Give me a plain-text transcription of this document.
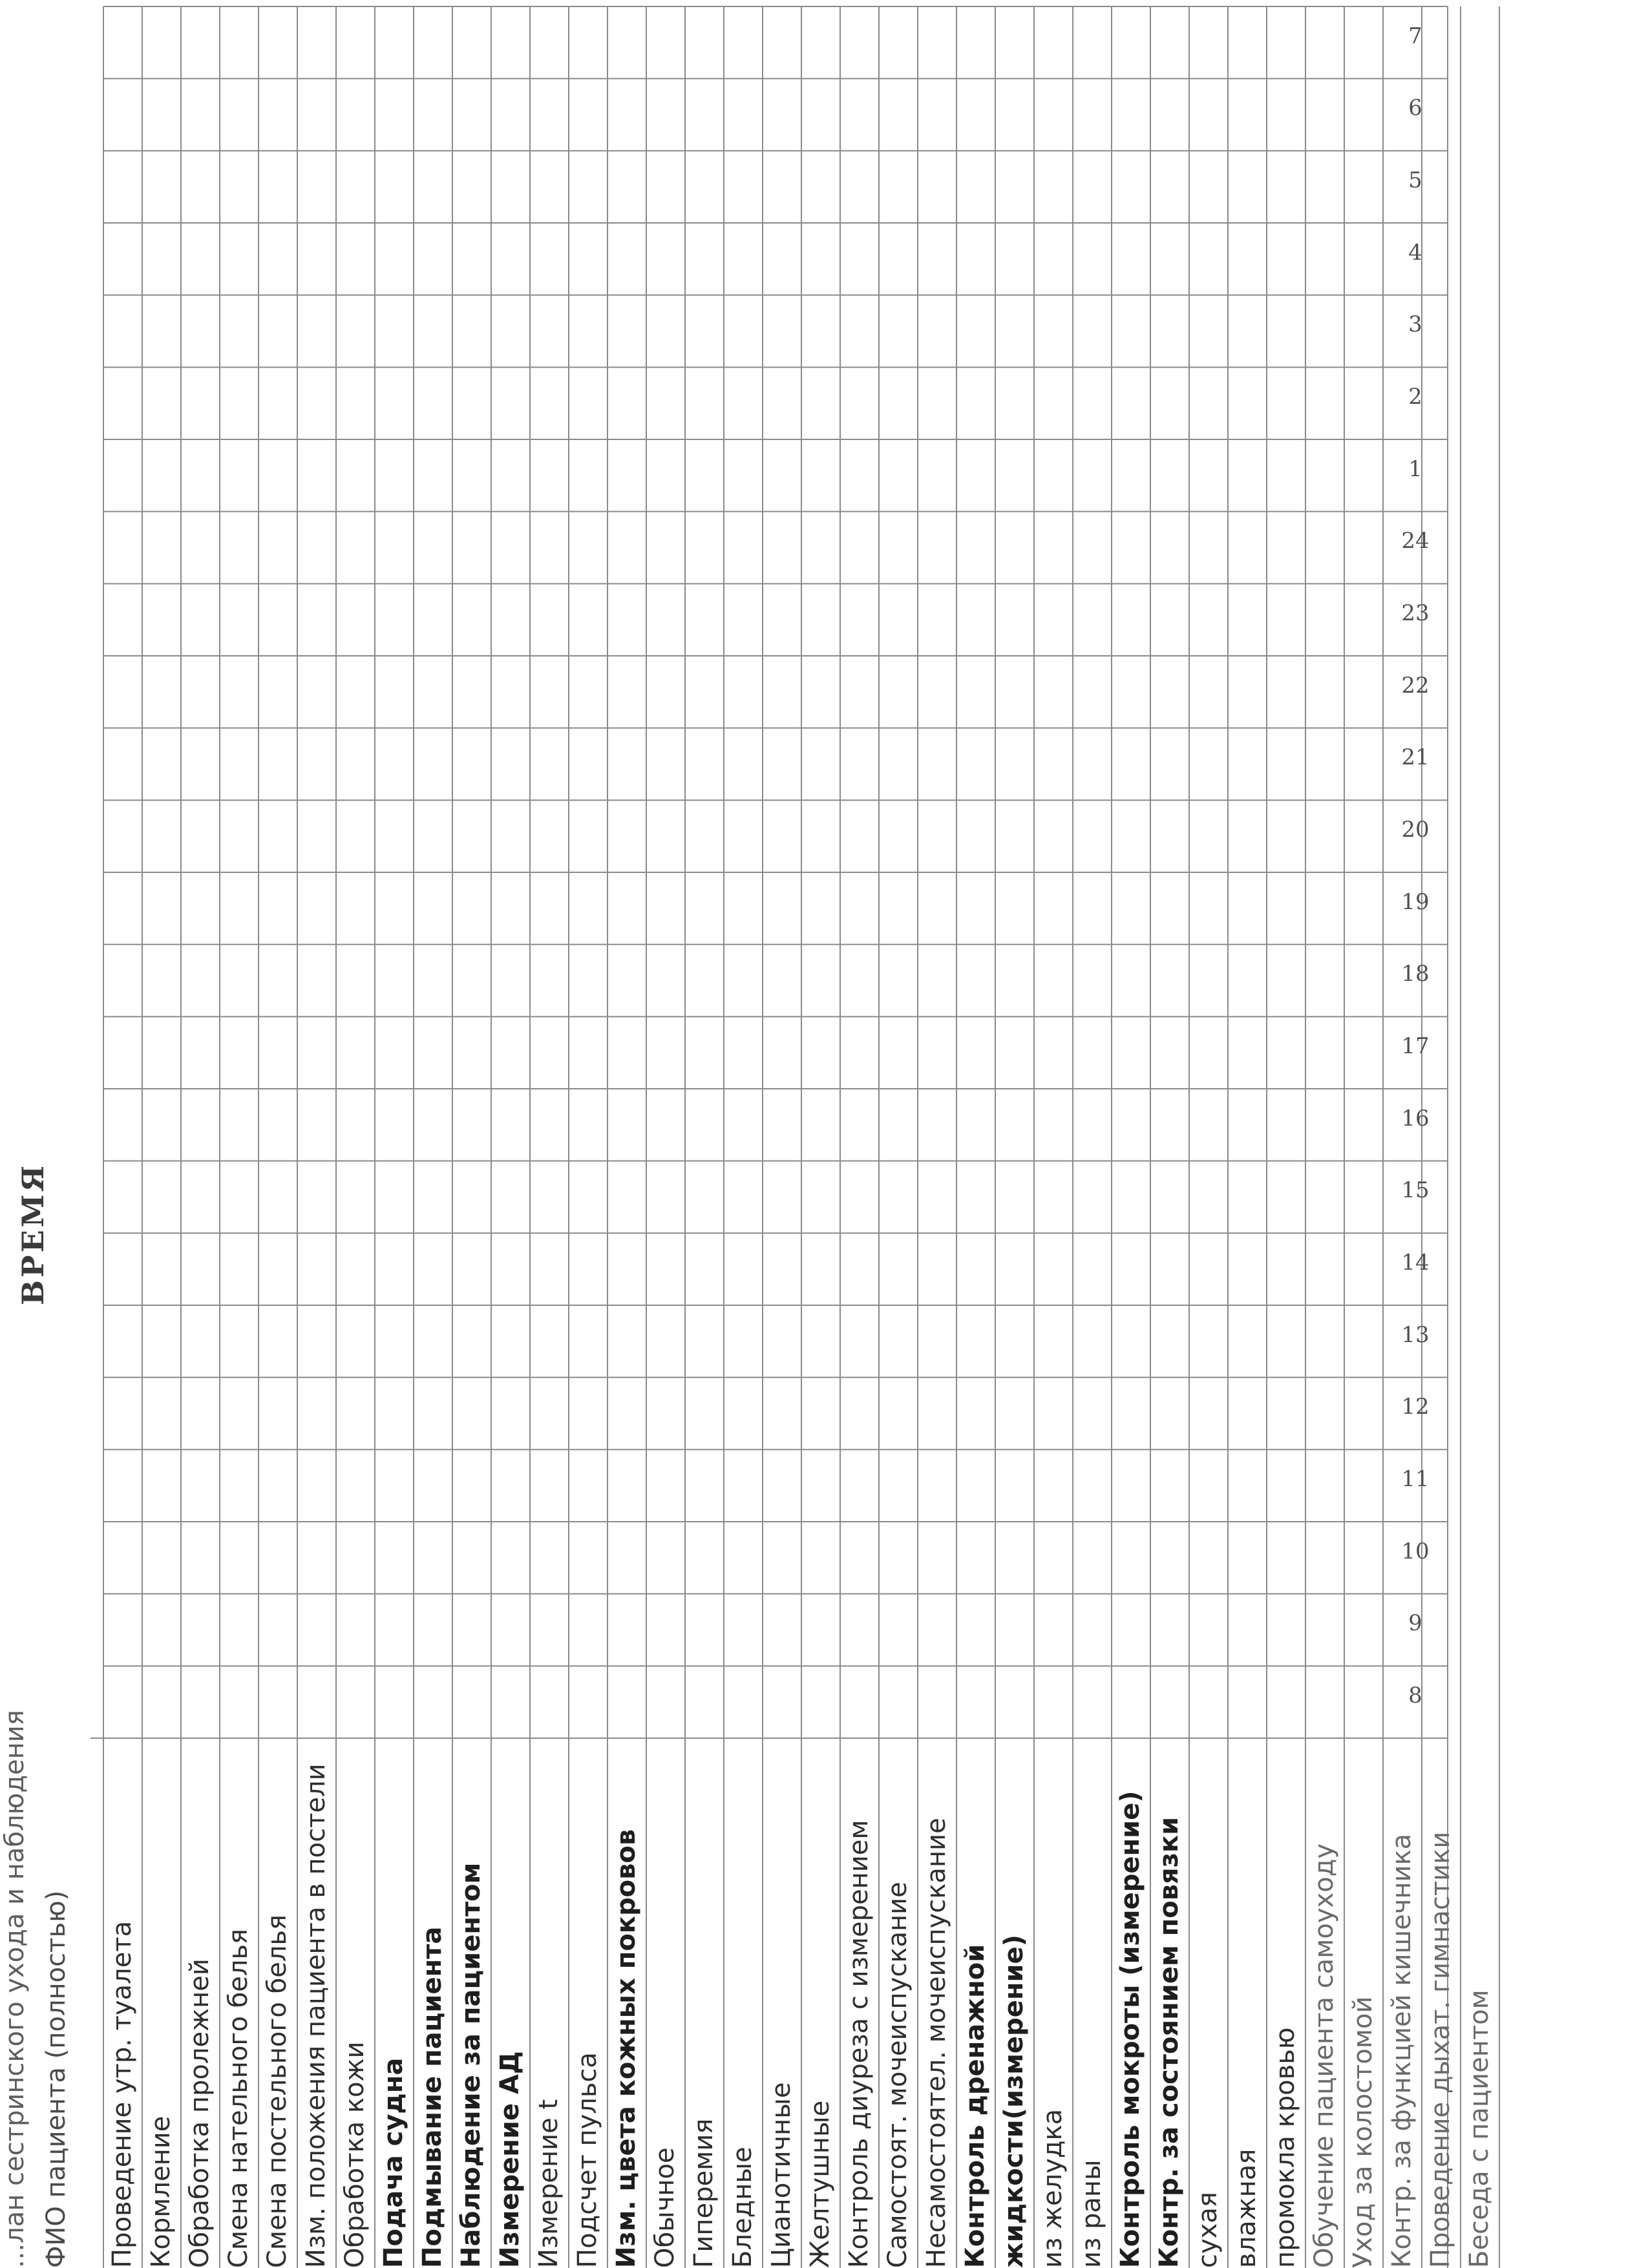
...лан сестринского ухода и наблюдения ФИО пациента (полностью)
ВРЕМЯ
Проведение утр. туалета Кормление Обработка пролежней Смена нательного белья Смена постельного белья Изм. положения пациента в постели Обработка кожи Подача судна Подмывание пациента Наблюдение за пациентом Измерение АД Измерение t Подсчет пульса Изм. цвета кожных покровов Обычное Гиперемия Бледные Цианотичные Желтушные Контроль диуреза с измерением Самостоят. мочеиспускание Несамостоятел. мочеиспускание Контроль дренажной жидкости(измерение) из желудка из раны Контроль мокроты (измерение) Контр. за состоянием повязки сухая влажная промокла кровью Обучение пациента самоуходу Уход за колостомой Контр. за функцией кишечника Проведение дыхат. гимнастики Беседа с пациентом
8
9
10
11
12
13
14
15
16
17
18
19
20
21
22
23
24
1
2
3
4
5
6
7
